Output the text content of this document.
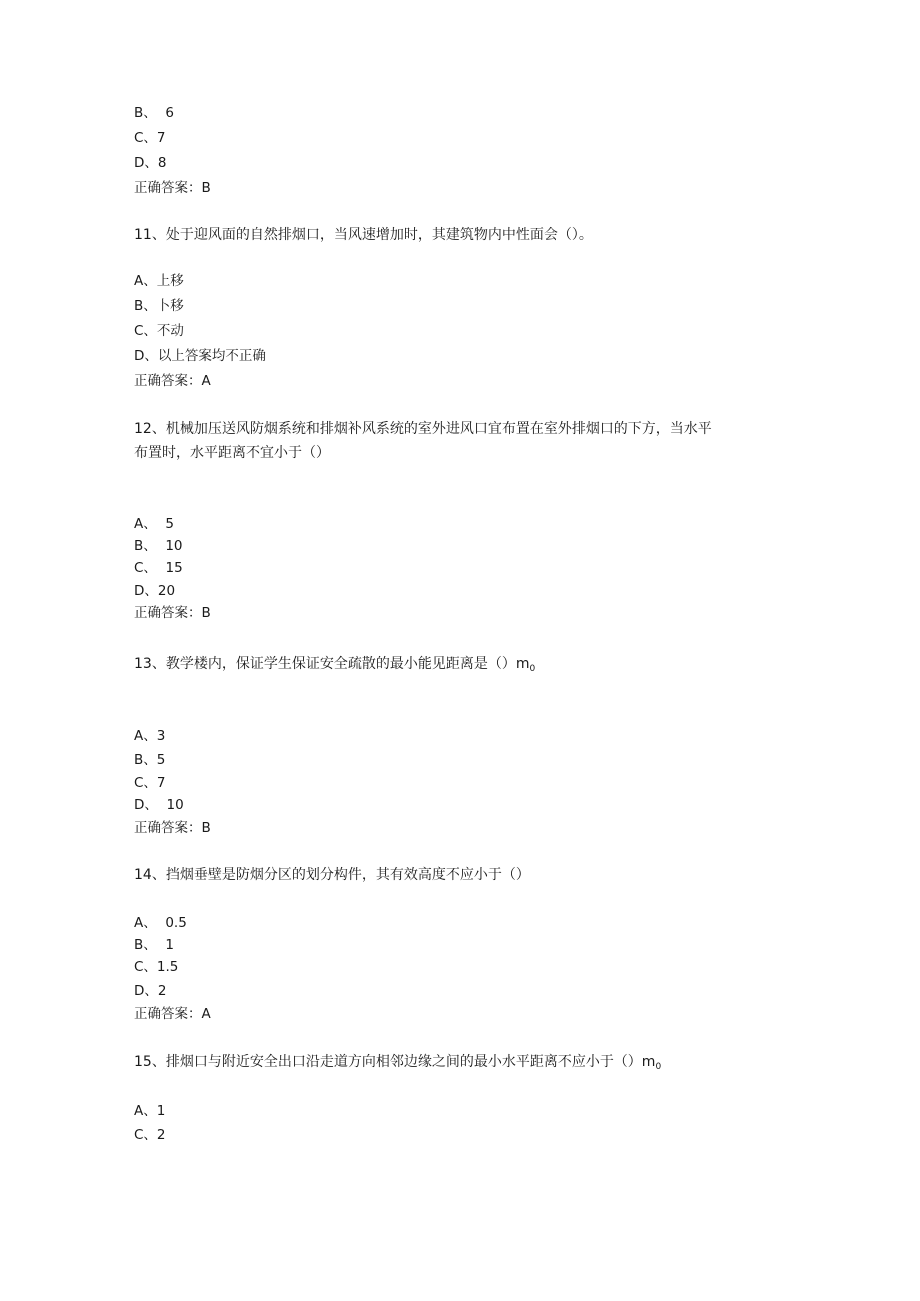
B、  6
C、7
D、8
正确答案：B
11、处于迎风面的自然排烟口，当风速增加时，其建筑物内中性面会（）。
A、上移
B、卜移
C、不动
D、以上答案均不正确
正确答案：A
12、机械加压送风防烟系统和排烟补风系统的室外进风口宜布置在室外排烟口的下方，当水平
布置时，水平距离不宜小于（）
A、  5
B、  10
C、  15
D、20
正确答案：B
13、教学楼内，保证学生保证安全疏散的最小能见距离是$()m_0$
A、3
B、5
C、7
D、  10
正确答案：B
14、挡烟垂壁是防烟分区的划分构件，其有效高度不应小于（）
A、  0.5
B、  1
C、1.5
D、2
正确答案：A
15、排烟口与附近安全出口沿走道方向相邻边缘之间的最小水平距离不应小于$()m_0$
A、1
C、2
